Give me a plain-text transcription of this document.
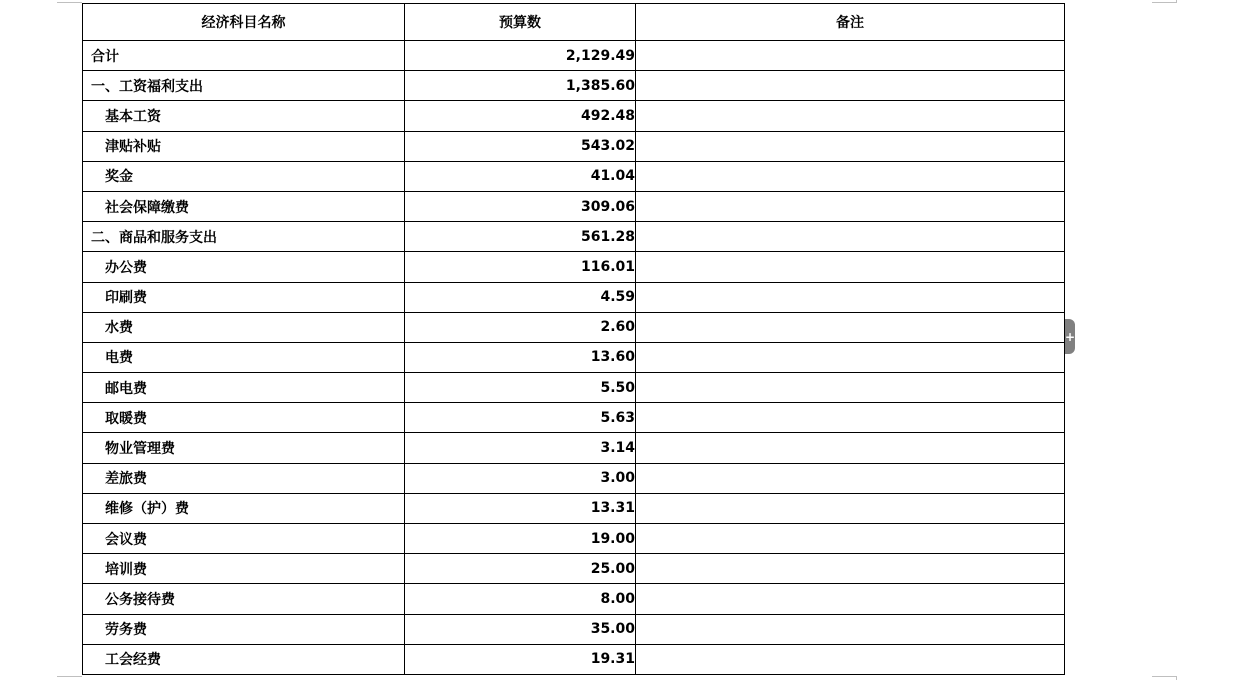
经济科目名称	预算数	备注
合计	2,129.49	
一、工资福利支出	1,385.60	
基本工资	492.48	
津贴补贴	543.02	
奖金	41.04	
社会保障缴费	309.06	
二、商品和服务支出	561.28	
办公费	116.01	
印刷费	4.59	
水费	2.60	
电费	13.60	
邮电费	5.50	
取暖费	5.63	
物业管理费	3.14	
差旅费	3.00	
维修（护）费	13.31	
会议费	19.00	
培训费	25.00	
公务接待费	8.00	
劳务费	35.00	
工会经费	19.31	
+
